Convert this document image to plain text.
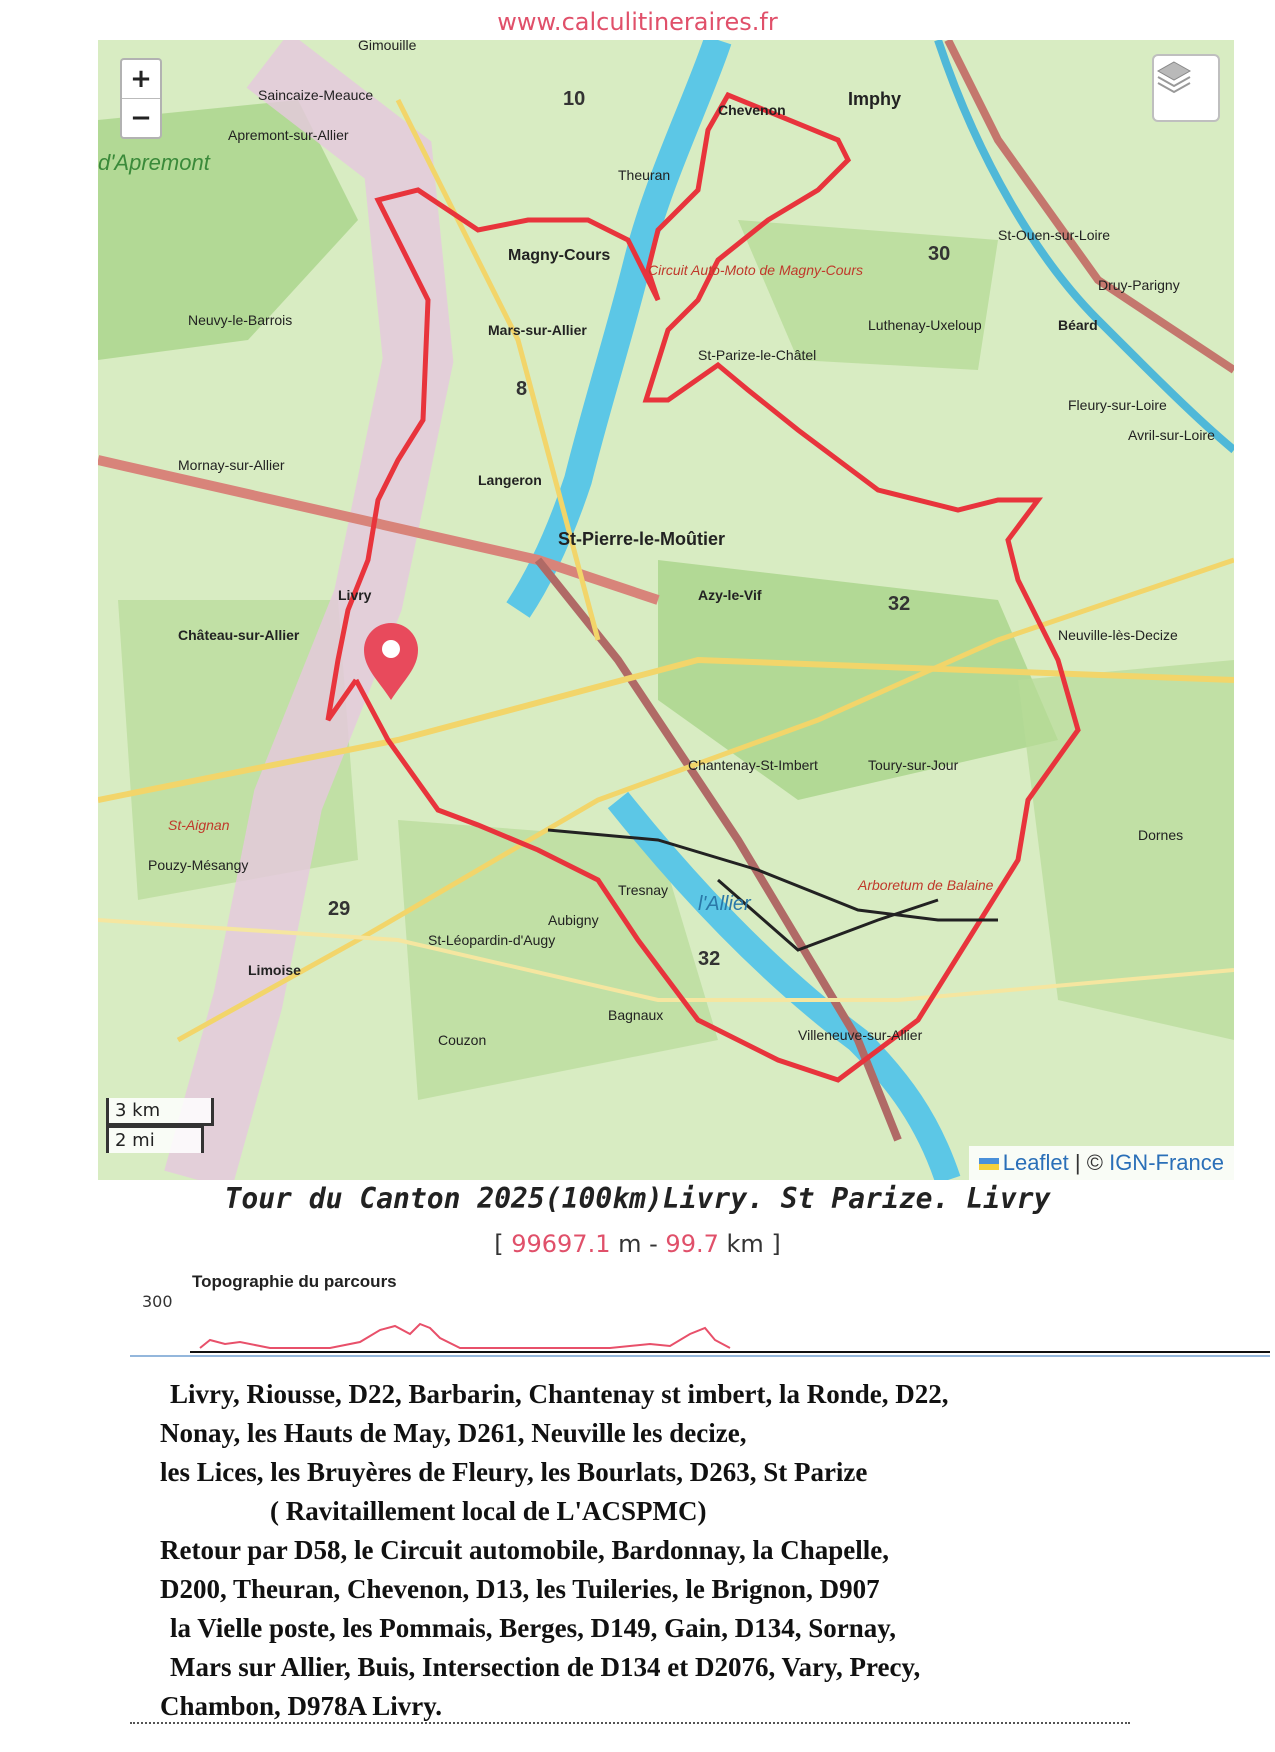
www.calculitineraires.fr
Gimouille
Saincaize-Meauce
Apremont-sur-Allier
Chevenon
Imphy
Theuran
Magny-Cours
Circuit Auto-Moto de Magny-Cours
St-Ouen-sur-Loire
Béard
Druy-Parigny
Neuvy-le-Barrois
Mars-sur-Allier	Luthenay-Uxeloup
St-Parize-le-Châtel
Fleury-sur-Loire
Avril-sur-Loire
Mornay-sur-Allier
Langeron
St-Pierre-le-Moûtier
Azy-le-Vif
Livry
Château-sur-Allier	Neuville-lès-Decize
Chantenay-St-Imbert	Toury-sur-Jour
Dornes
Pouzy-Mésangy
St-Aignan
Limoise
St-Léopardin-d'Augy
Aubigny
Tresnay	Arboretum de Balaine
Couzon	Villeneuve-sur-Allier
Bagnaux
d'Apremont
l'Allier
10
8
30
32
29
32
+
−
3 km
2 mi
Leaflet | © IGN-France
Tour du Canton 2025(100km)Livry. St Parize. Livry
[ 99697.1 m - 99.7 km ]
Topographie du parcours
300
Livry, Riousse, D22, Barbarin, Chantenay st imbert, la Ronde, D22,
Nonay, les Hauts de May, D261, Neuville les decize,
les Lices, les Bruyères de Fleury, les Bourlats, D263, St Parize
( Ravitaillement local de L'ACSPMC)
Retour par D58, le Circuit automobile, Bardonnay, la Chapelle,
D200, Theuran, Chevenon, D13, les Tuileries, le Brignon, D907
la Vielle poste, les Pommais, Berges, D149, Gain, D134, Sornay,
Mars sur Allier, Buis, Intersection de D134 et D2076, Vary, Precy,
Chambon, D978A Livry.
